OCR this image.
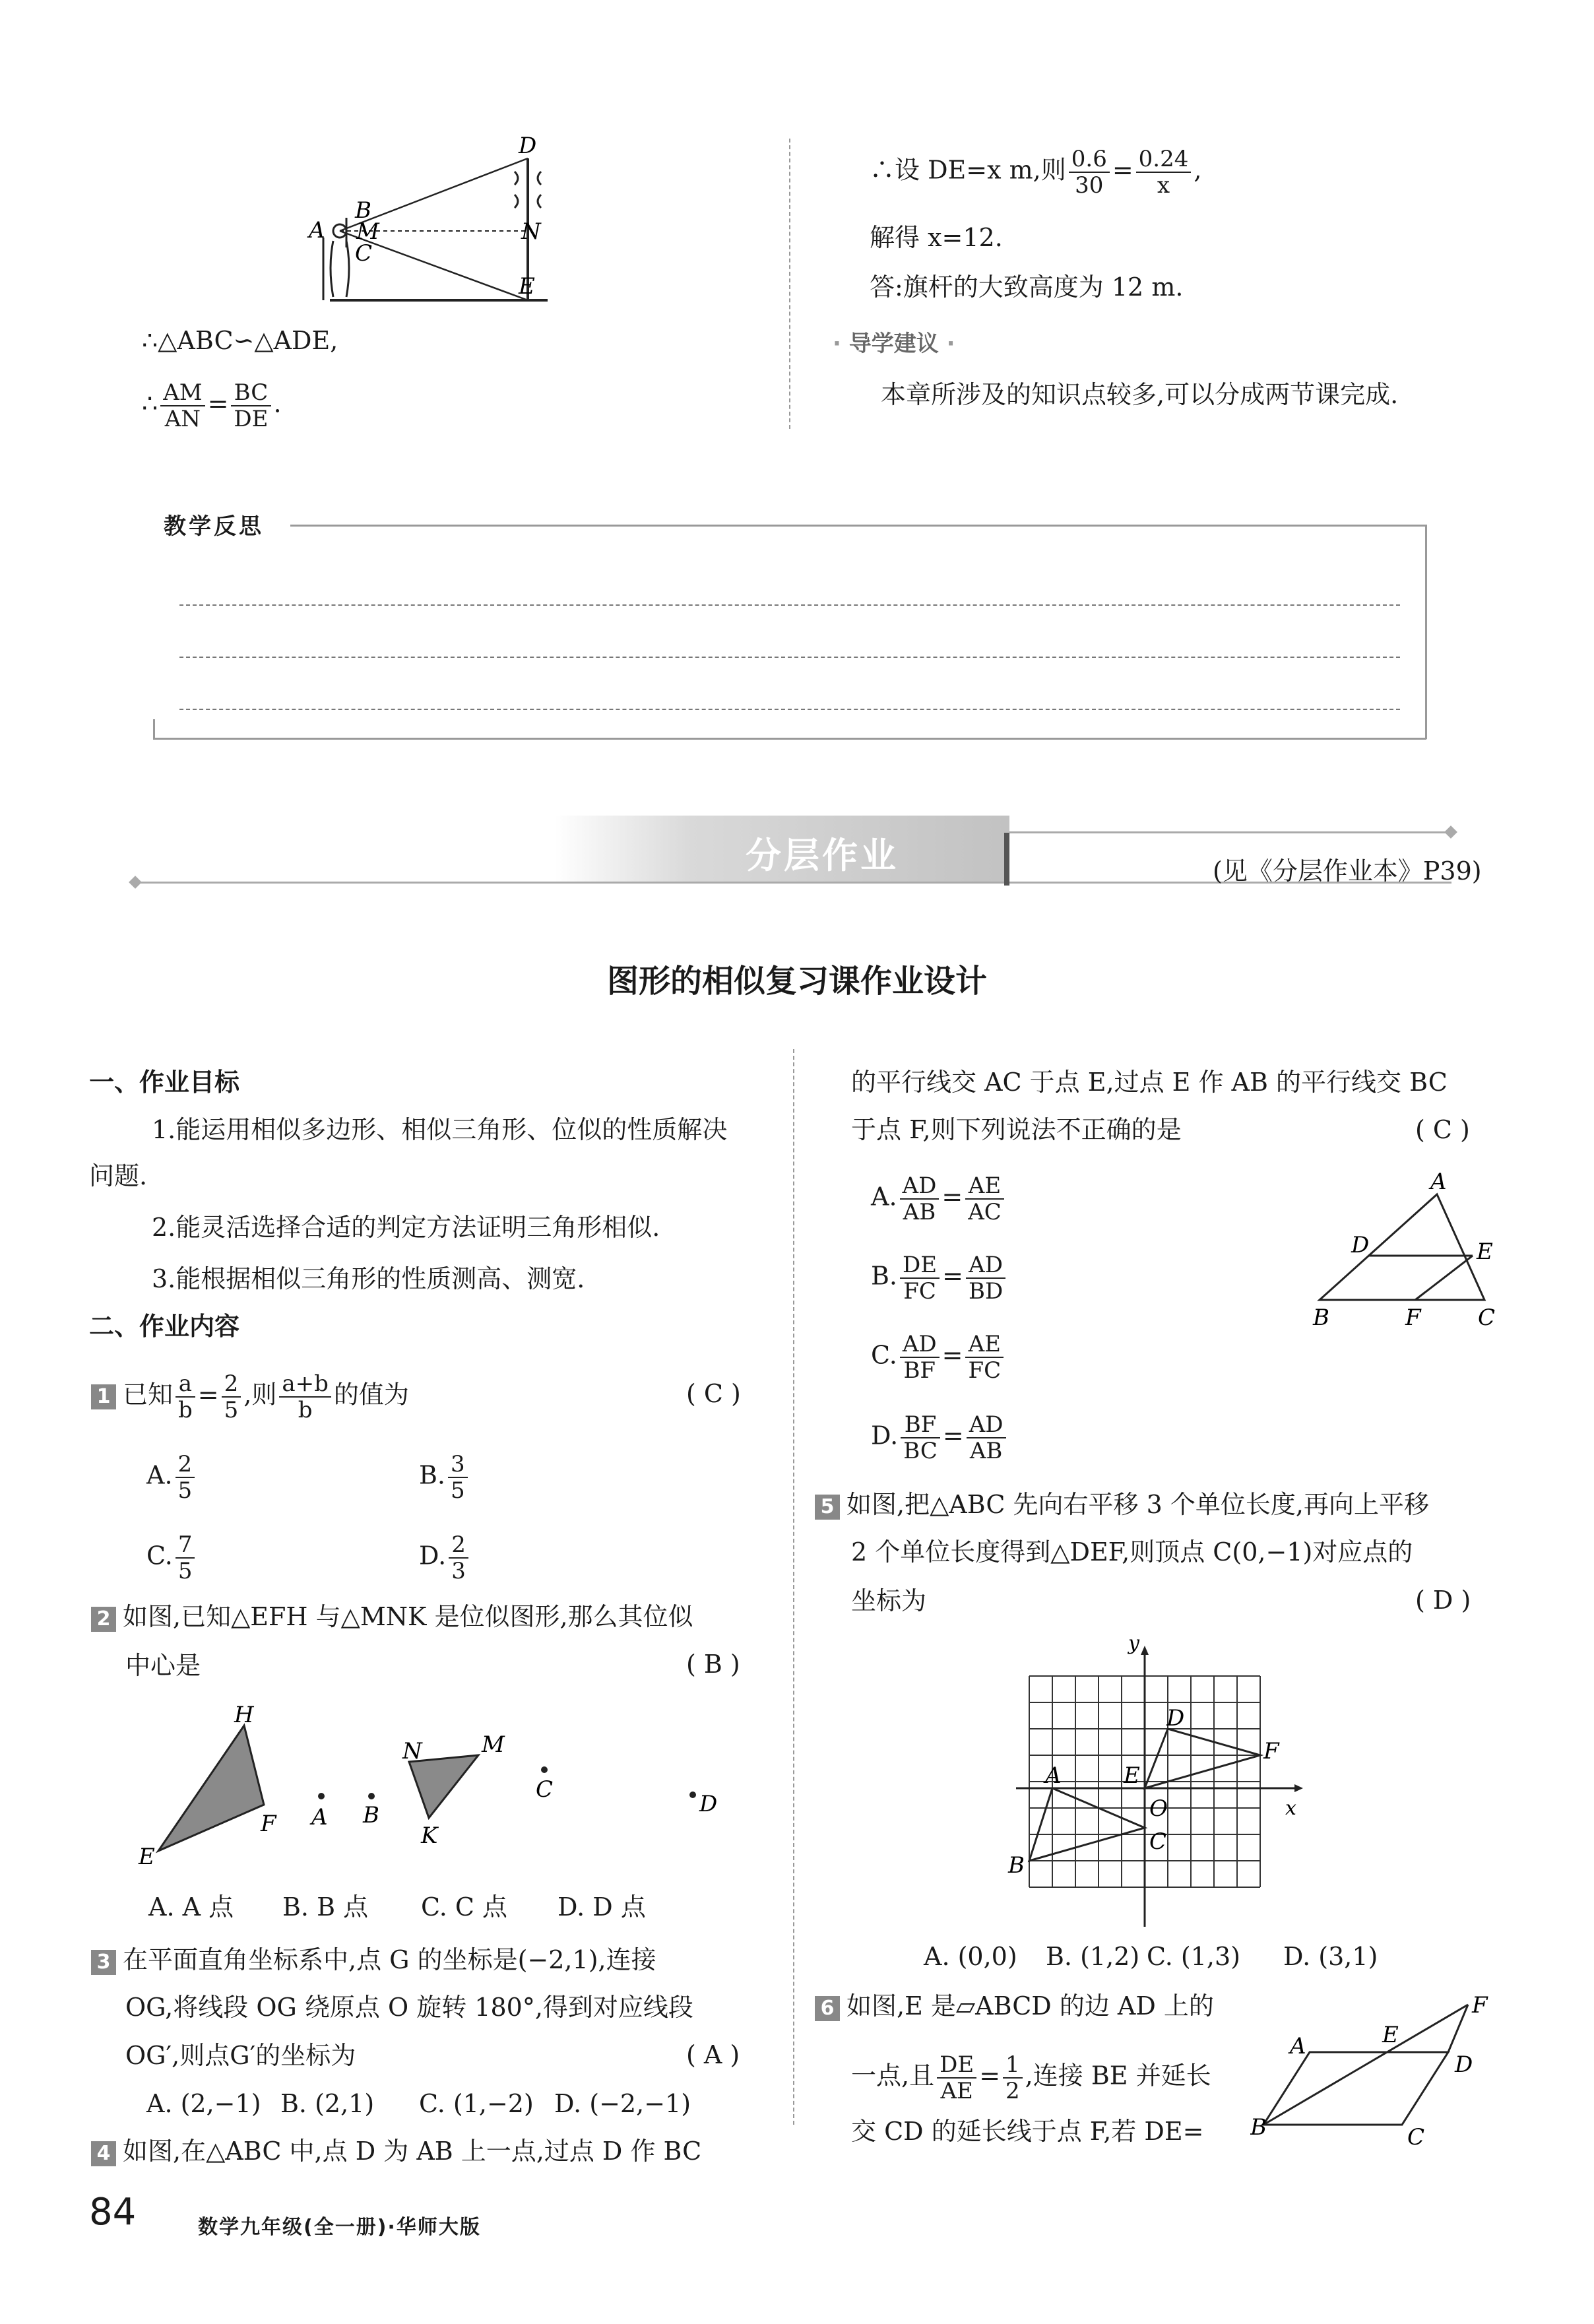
A
B
M
C
D
N
E
∴△ABC∽△ADE,
∴ $\frac{AM}{AN} = \frac{BC}{DE}$ .
∴设 DE=x m,则 $\frac{0.6}{30} = \frac{0.24}{x}$ ,
解得 x=12.
答:旗杆的大致高度为 12 m.
· 导学建议 ·
本章所涉及的知识点较多,可以分成两节课完成.
教学反思
分层作业	(见《分层作业本》P39)
图形的相似复习课作业设计
一、作业目标
1.能运用相似多边形、相似三角形、位似的性质解决
问题.
2.能灵活选择合适的判定方法证明三角形相似.
3.能根据相似三角形的性质测高、测宽.
二、作业内容
1 已知 $\frac{a}{b} = \frac{2}{5}$ ,则 $\frac{a+b}{b}$ 的值为	( C )
A. $\frac{2}{5}$	B. $\frac{3}{5}$
C. $\frac{7}{5}$	D. $\frac{2}{3}$
2 如图,已知△EFH 与△MNK 是位似图形,那么其位似
中心是	( B )
H
E
F A B
N	M
K
C
D
A. A 点 B. B 点 C. C 点 D. D 点
3 在平面直角坐标系中,点 G 的坐标是(−2,1),连接
OG,将线段 OG 绕原点 O 旋转 180°,得到对应线段
OG′,则点G′的坐标为	( A )
A. (2,−1) B. (2,1) C. (1,−2) D. (−2,−1)
4 如图,在△ABC 中,点 D 为 AB 上一点,过点 D 作 BC
的平行线交 AC 于点 E,过点 E 作 AB 的平行线交 BC
于点 F,则下列说法不正确的是	( C )
A. $\frac{AD}{AB} = \frac{AE}{AC}$
B. $\frac{DE}{FC} = \frac{AD}{BD}$
C. $\frac{AD}{BF} = \frac{AE}{FC}$
D. $\frac{BF}{BC} = \frac{AD}{AB}$
A
D	E
B	F	C
5 如图,把△ABC 先向右平移 3 个单位长度,再向上平移
2 个单位长度得到△DEF,则顶点 C(0,−1)对应点的
坐标为	( D )
y
x
D
F
A	E
O
C
B
A. (0,0) B. (1,2) C. (1,3) D. (3,1)
6 如图,E 是▱ABCD 的边 AD 上的
一点,且 $\frac{DE}{AE} = \frac{1}{2}$ ,连接 BE 并延长
交 CD 的延长线于点 F,若 DE=
F
A	E
D
B	C
84	数学九年级(全一册)·华师大版
